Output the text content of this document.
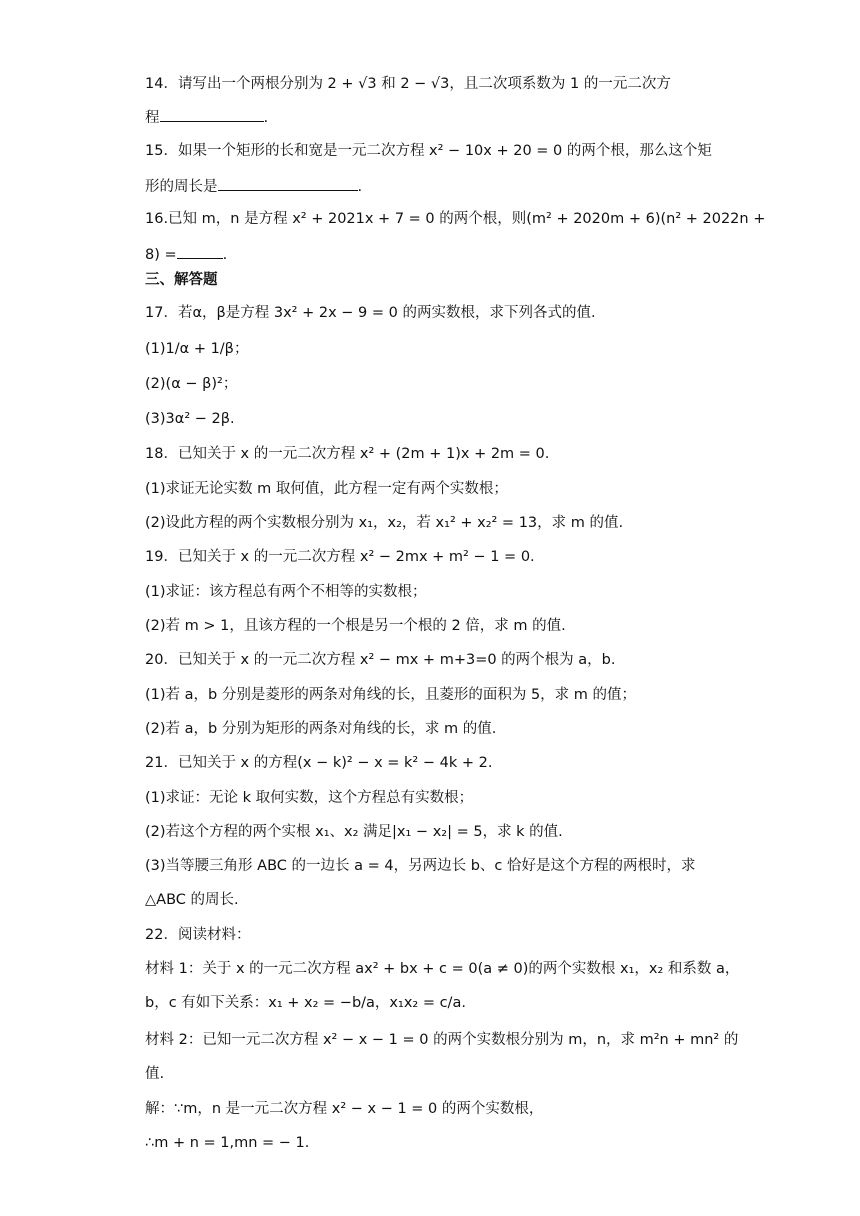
14．请写出一个两根分别为 2 + √3 和 2 − √3，且二次项系数为 1 的一元二次方
程	.
15．如果一个矩形的长和宽是一元二次方程 x² − 10x + 20 = 0 的两个根，那么这个矩
形的周长是	.
16.已知 m，n 是方程 x² + 2021x + 7 = 0 的两个根，则(m² + 2020m + 6)(n² + 2022n +
8) =	.
三、解答题
17．若α，β是方程 3x² + 2x − 9 = 0 的两实数根，求下列各式的值.
(1)1/α + 1/β；
(2)(α − β)²；
(3)3α² − 2β.
18．已知关于 x 的一元二次方程 x² + (2m + 1)x + 2m = 0.
(1)求证无论实数 m 取何值，此方程一定有两个实数根；
(2)设此方程的两个实数根分别为 x₁，x₂，若 x₁² + x₂² = 13，求 m 的值.
19．已知关于 x 的一元二次方程 x² − 2mx + m² − 1 = 0.
(1)求证：该方程总有两个不相等的实数根；
(2)若 m > 1，且该方程的一个根是另一个根的 2 倍，求 m 的值.
20．已知关于 x 的一元二次方程 x² − mx + m+3=0 的两个根为 a，b.
(1)若 a，b 分别是菱形的两条对角线的长，且菱形的面积为 5，求 m 的值；
(2)若 a，b 分别为矩形的两条对角线的长，求 m 的值.
21．已知关于 x 的方程(x − k)² − x = k² − 4k + 2.
(1)求证：无论 k 取何实数，这个方程总有实数根；
(2)若这个方程的两个实根 x₁、x₂ 满足|x₁ − x₂| = 5，求 k 的值.
(3)当等腰三角形 ABC 的一边长 a = 4，另两边长 b、c 恰好是这个方程的两根时，求
△ABC 的周长.
22．阅读材料：
材料 1：关于 x 的一元二次方程 ax² + bx + c = 0(a ≠ 0)的两个实数根 x₁，x₂ 和系数 a，
b，c 有如下关系：x₁ + x₂ = −b/a，x₁x₂ = c/a.
材料 2：已知一元二次方程 x² − x − 1 = 0 的两个实数根分别为 m，n，求 m²n + mn² 的
值.
解：∵m，n 是一元二次方程 x² − x − 1 = 0 的两个实数根，
∴m + n = 1,mn = − 1.
